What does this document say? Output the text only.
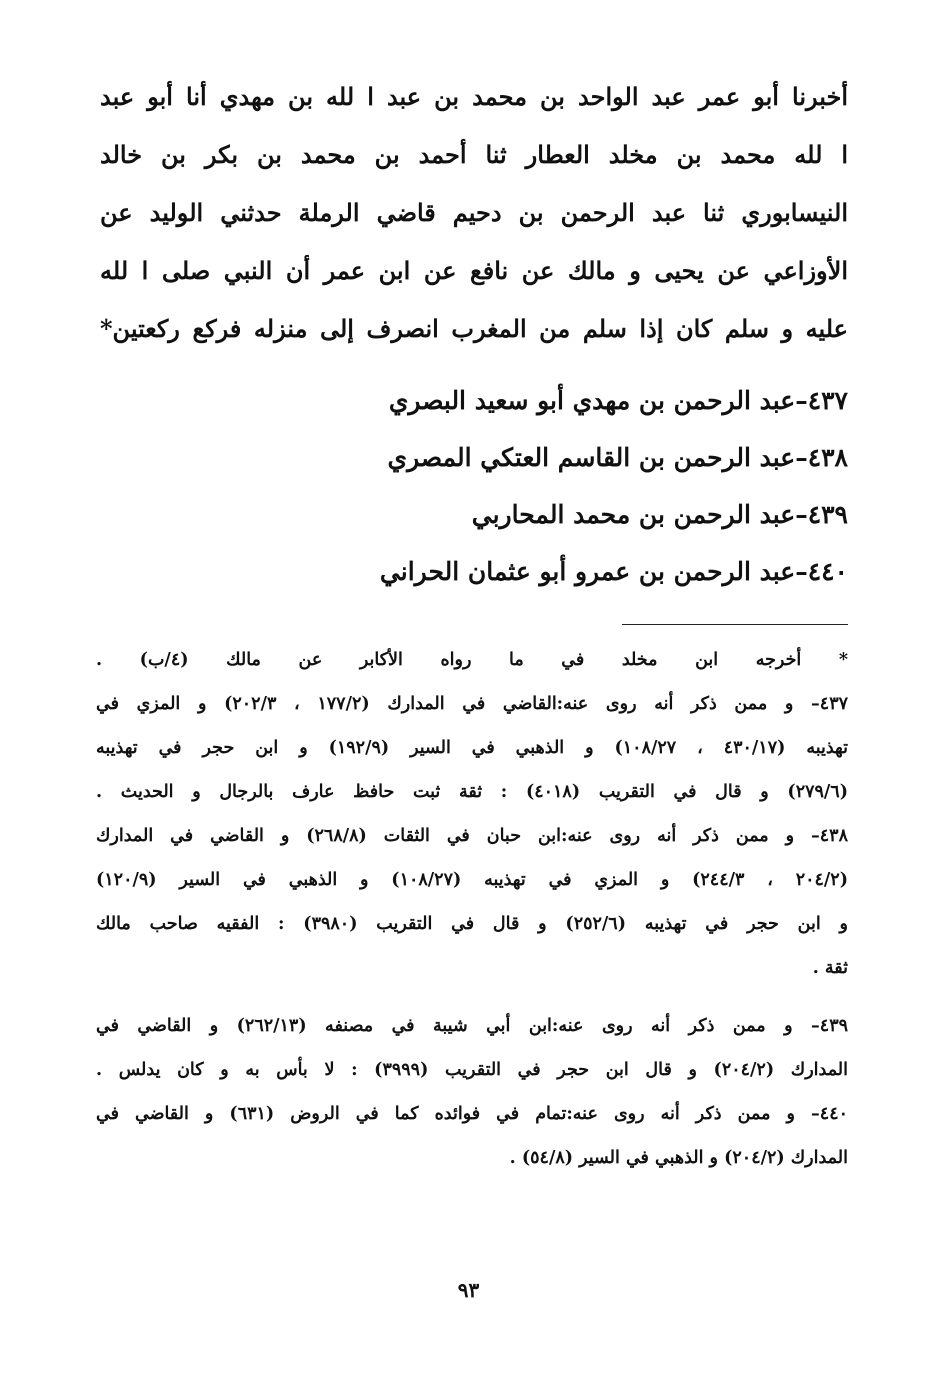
أخبرنا أبو عمر عبد الواحد بن محمد بن عبد ا لله بن مهدي أنا أبو عبد
ا لله محمد بن مخلد العطار ثنا أحمد بن محمد بن بكر بن خالد
النيسابوري ثنا عبد الرحمن بن دحيم قاضي الرملة حدثني الوليد عن
الأوزاعي عن يحيى و مالك عن نافع عن ابن عمر أن النبي صلى ا لله
عليه و سلم كان إذا سلم من المغرب انصرف إلى منزله فركع ركعتين*
٤٣٧–عبد الرحمن بن مهدي أبو سعيد البصري
٤٣٨–عبد الرحمن بن القاسم العتكي المصري
٤٣٩–عبد الرحمن بن محمد المحاربي
٤٤٠–عبد الرحمن بن عمرو أبو عثمان الحراني
* أخرجه ابن مخلد في ما رواه الأكابر عن مالك (٤/ب) .
٤٣٧– و ممن ذكر أنه روى عنه:القاضي في المدارك (١٧٧/٢ ، ٢٠٢/٣) و المزي في
تهذيبه (٤٣٠/١٧ ، ١٠٨/٢٧) و الذهبي في السير (١٩٢/٩) و ابن حجر في تهذيبه
(٢٧٩/٦) و قال في التقريب (٤٠١٨) : ثقة ثبت حافظ عارف بالرجال و الحديث .
٤٣٨– و ممن ذكر أنه روى عنه:ابن حبان في الثقات (٢٦٨/٨) و القاضي في المدارك
(٢٠٤/٢ ، ٢٤٤/٣) و المزي في تهذيبه (١٠٨/٢٧) و الذهبي في السير (١٢٠/٩)
و ابن حجر في تهذيبه (٢٥٢/٦) و قال في التقريب (٣٩٨٠) : الفقيه صاحب مالك
ثقة .
٤٣٩– و ممن ذكر أنه روى عنه:ابن أبي شيبة في مصنفه (٢٦٢/١٣) و القاضي في
المدارك (٢٠٤/٢) و قال ابن حجر في التقريب (٣٩٩٩) : لا بأس به و كان يدلس .
٤٤٠– و ممن ذكر أنه روى عنه:تمام في فوائده كما في الروض (٦٣١) و القاضي في
المدارك (٢٠٤/٢) و الذهبي في السير (٥٤/٨) .
٩٣
